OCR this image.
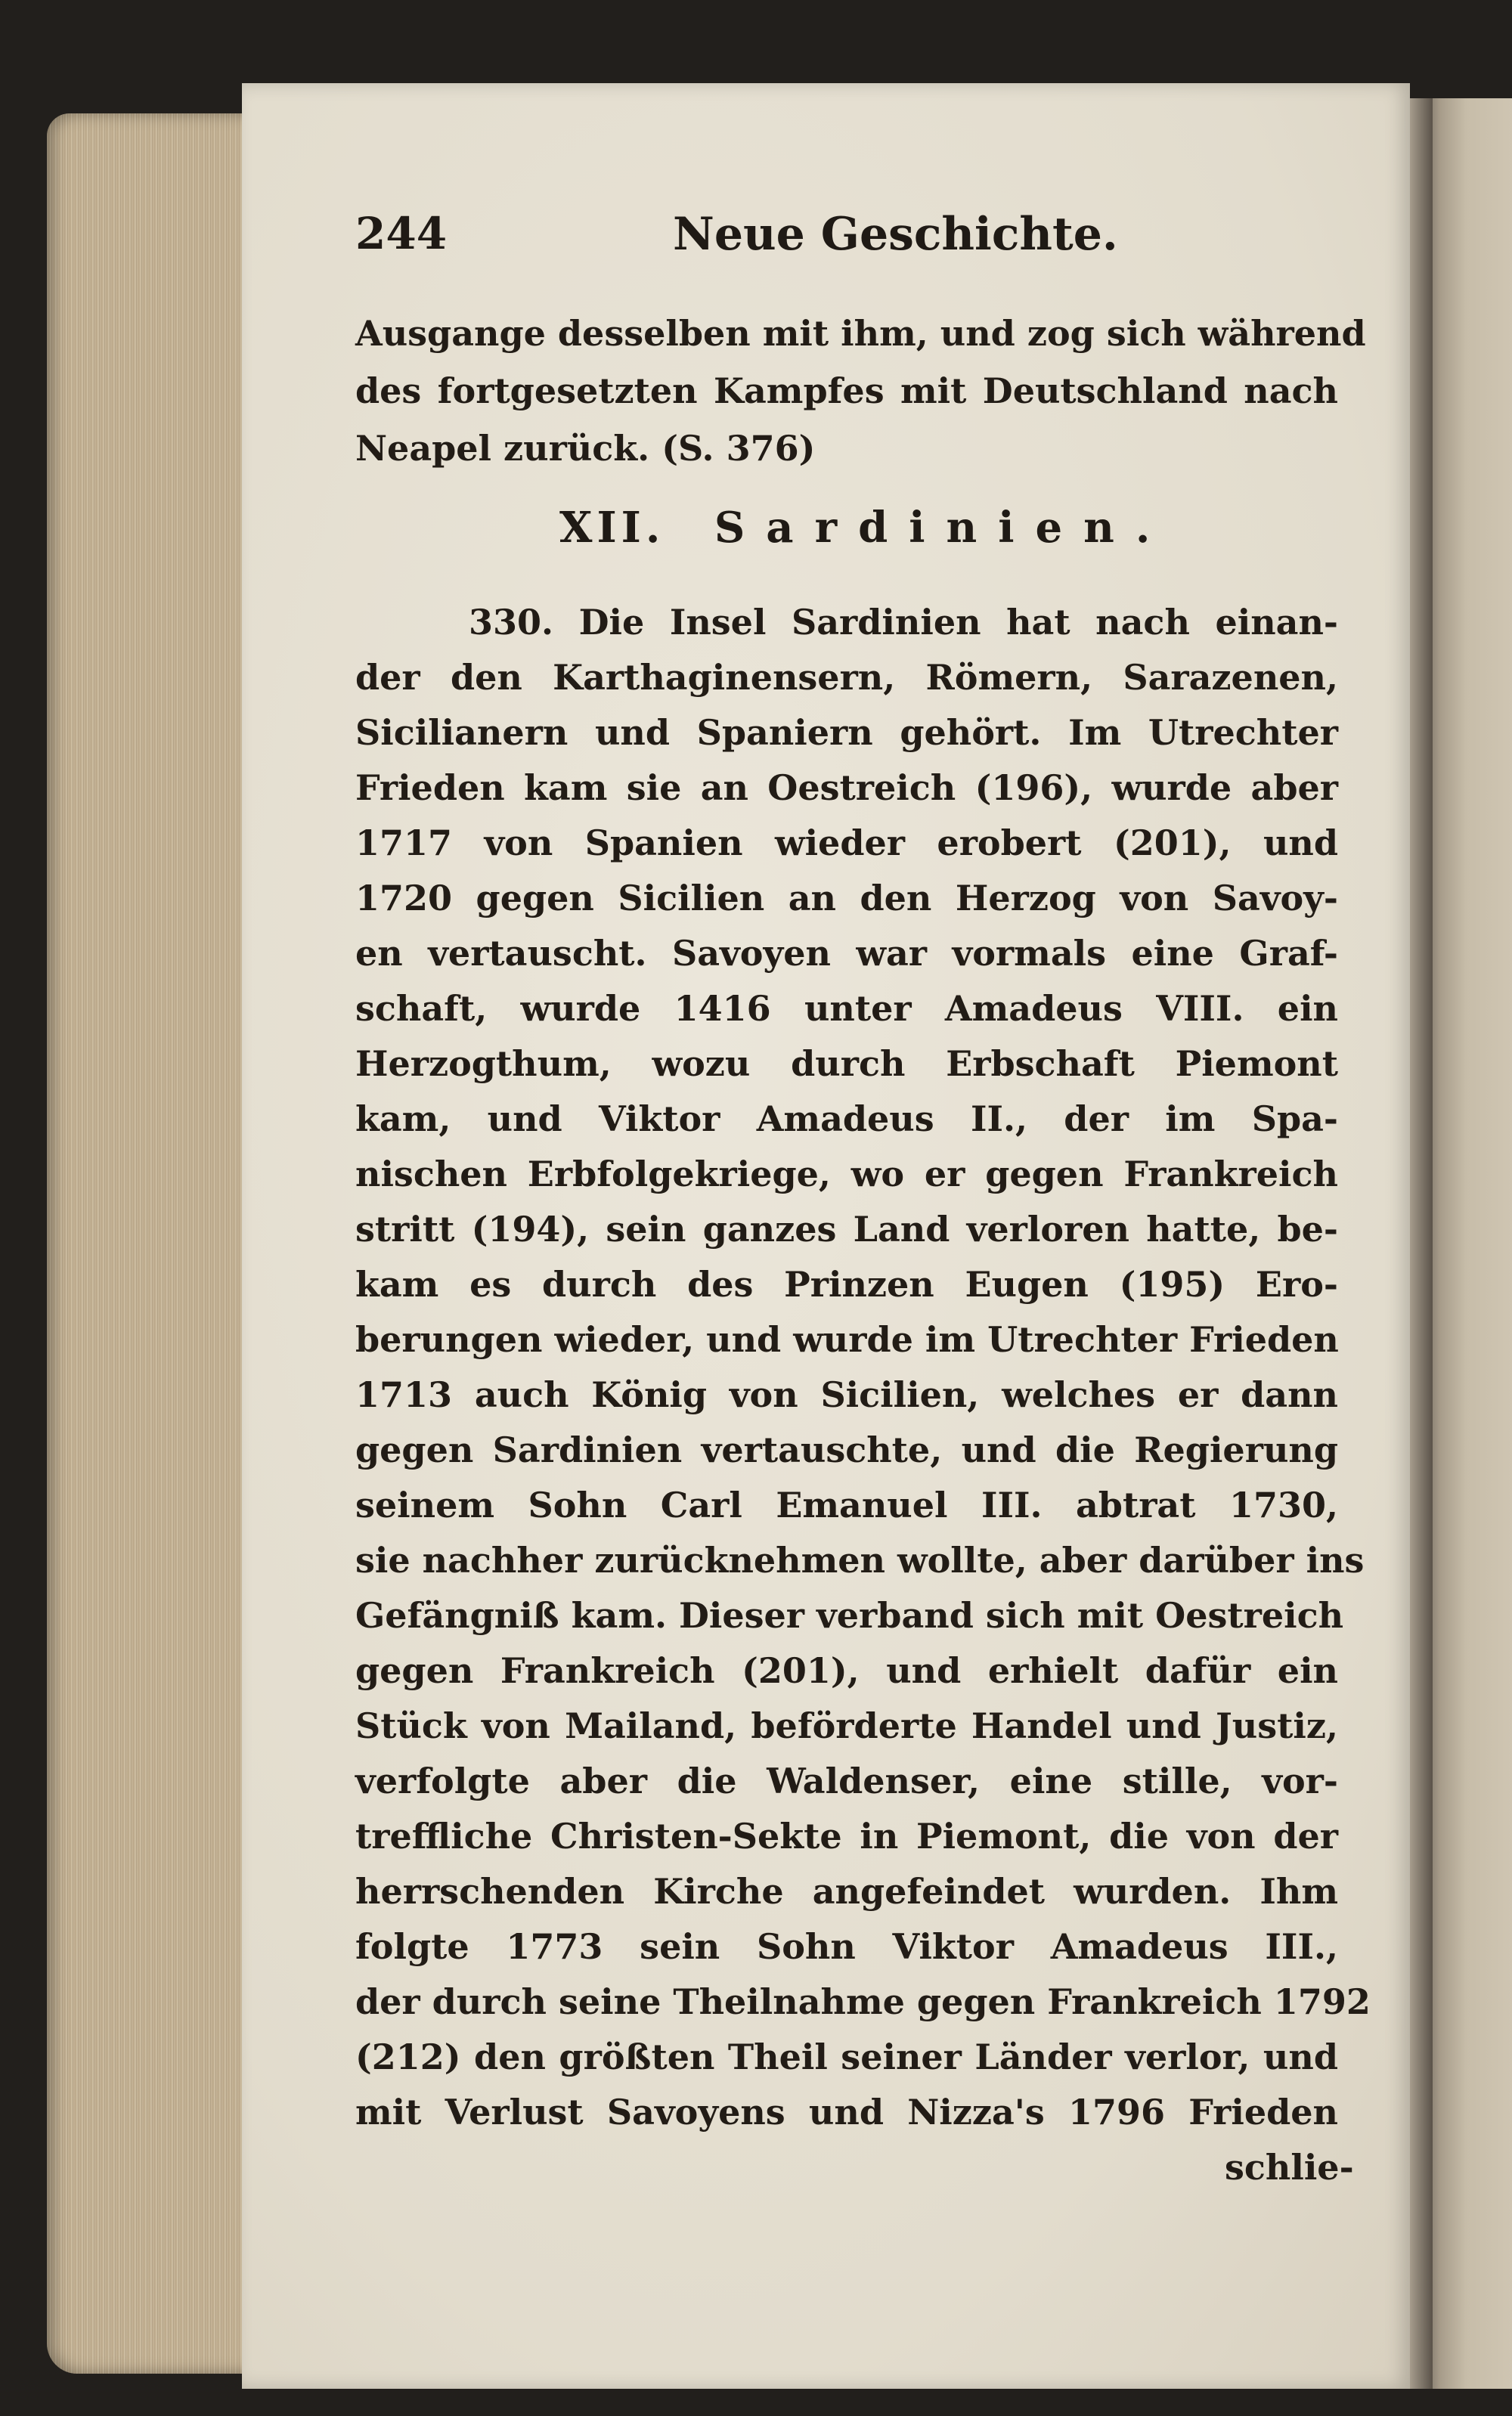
244	Neue Geschichte.
Ausgange desselben mit ihm, und zog sich während
des fortgesetzten Kampfes mit Deutschland nach
Neapel zurück. (S. 376)
XII. Sardinien.
330. Die Insel Sardinien hat nach einan-
der den Karthaginensern, Römern, Sarazenen,
Sicilianern und Spaniern gehört. Im Utrechter
Frieden kam sie an Oestreich (196), wurde aber
1717 von Spanien wieder erobert (201), und
1720 gegen Sicilien an den Herzog von Savoy-
en vertauscht. Savoyen war vormals eine Graf-
schaft, wurde 1416 unter Amadeus VIII. ein
Herzogthum, wozu durch Erbschaft Piemont
kam, und Viktor Amadeus II., der im Spa-
nischen Erbfolgekriege, wo er gegen Frankreich
stritt (194), sein ganzes Land verloren hatte, be-
kam es durch des Prinzen Eugen (195) Ero-
berungen wieder, und wurde im Utrechter Frieden
1713 auch König von Sicilien, welches er dann
gegen Sardinien vertauschte, und die Regierung
seinem Sohn Carl Emanuel III. abtrat 1730,
sie nachher zurücknehmen wollte, aber darüber ins
Gefängniß kam. Dieser verband sich mit Oestreich
gegen Frankreich (201), und erhielt dafür ein
Stück von Mailand, beförderte Handel und Justiz,
verfolgte aber die Waldenser, eine stille, vor-
treffliche Christen-Sekte in Piemont, die von der
herrschenden Kirche angefeindet wurden. Ihm
folgte 1773 sein Sohn Viktor Amadeus III.,
der durch seine Theilnahme gegen Frankreich 1792
(212) den größten Theil seiner Länder verlor, und
mit Verlust Savoyens und Nizza's 1796 Frieden
schlie-
